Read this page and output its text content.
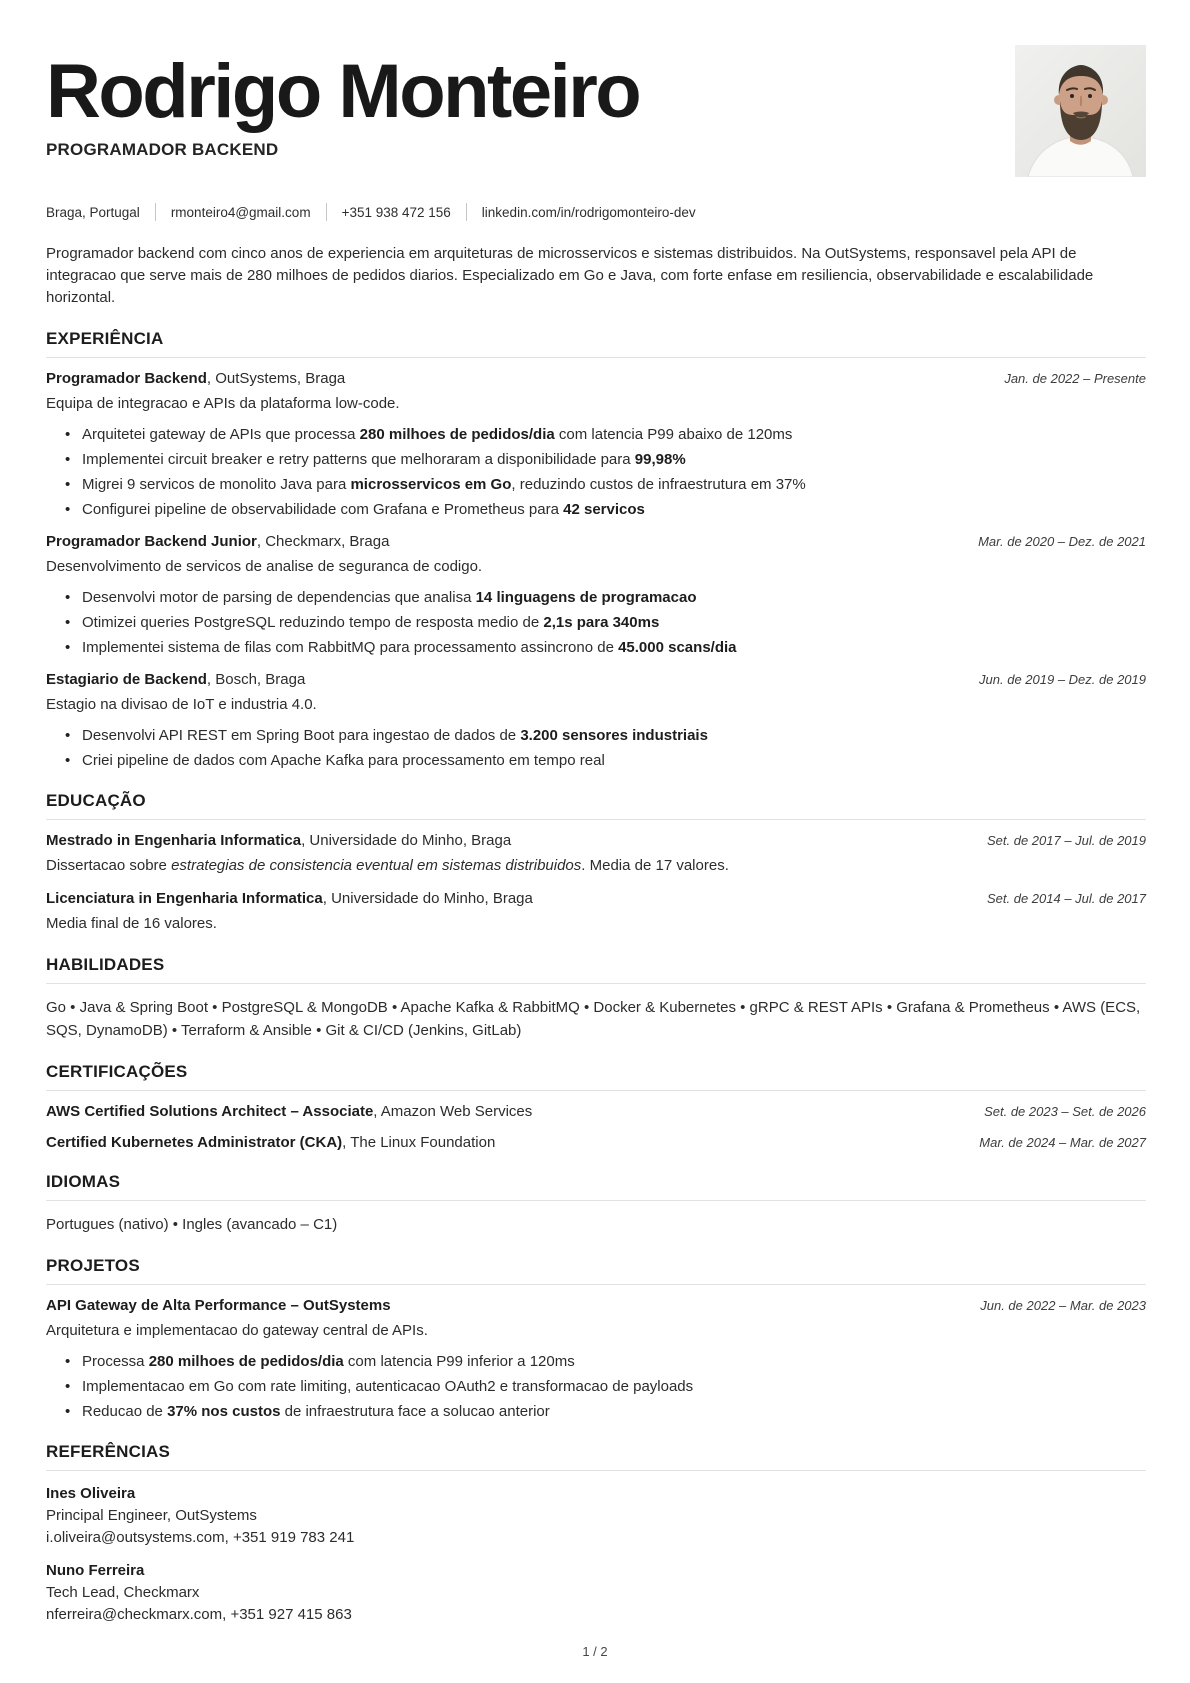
Rodrigo Monteiro
PROGRAMADOR BACKEND
Braga, Portugal rmonteiro4@gmail.com +351 938 472 156 linkedin.com/in/rodrigomonteiro-dev

Programador backend com cinco anos de experiencia em arquiteturas de microsservicos e sistemas distribuidos. Na OutSystems, responsavel pela API de integracao que serve mais de 280 milhoes de pedidos diarios. Especializado em Go e Java, com forte enfase em resiliencia, observabilidade e escalabilidade horizontal.

EXPERIÊNCIA
Programador Backend, OutSystems, Braga	Jan. de 2022 – Presente

Equipa de integracao e APIs da plataforma low-code.

• Arquitetei gateway de APIs que processa 280 milhoes de pedidos/dia com latencia P99 abaixo de 120ms
• Implementei circuit breaker e retry patterns que melhoraram a disponibilidade para 99,98%
• Migrei 9 servicos de monolito Java para microsservicos em Go, reduzindo custos de infraestrutura em 37%
• Configurei pipeline de observabilidade com Grafana e Prometheus para 42 servicos
Programador Backend Junior, Checkmarx, Braga	Mar. de 2020 – Dez. de 2021

Desenvolvimento de servicos de analise de seguranca de codigo.

• Desenvolvi motor de parsing de dependencias que analisa 14 linguagens de programacao
• Otimizei queries PostgreSQL reduzindo tempo de resposta medio de 2,1s para 340ms
• Implementei sistema de filas com RabbitMQ para processamento assincrono de 45.000 scans/dia
Estagiario de Backend, Bosch, Braga	Jun. de 2019 – Dez. de 2019

Estagio na divisao de IoT e industria 4.0.

• Desenvolvi API REST em Spring Boot para ingestao de dados de 3.200 sensores industriais
• Criei pipeline de dados com Apache Kafka para processamento em tempo real
EDUCAÇÃO
Mestrado in Engenharia Informatica, Universidade do Minho, Braga	Set. de 2017 – Jul. de 2019

Dissertacao sobre estrategias de consistencia eventual em sistemas distribuidos. Media de 17 valores.

Licenciatura in Engenharia Informatica, Universidade do Minho, Braga	Set. de 2014 – Jul. de 2017

Media final de 16 valores.

HABILIDADES

Go • Java & Spring Boot • PostgreSQL & MongoDB • Apache Kafka & RabbitMQ • Docker & Kubernetes • gRPC & REST APIs • Grafana & Prometheus • AWS (ECS, SQS, DynamoDB) • Terraform & Ansible • Git & CI/CD (Jenkins, GitLab)

CERTIFICAÇÕES
AWS Certified Solutions Architect – Associate, Amazon Web Services	Set. de 2023 – Set. de 2026
Certified Kubernetes Administrator (CKA), The Linux Foundation	Mar. de 2024 – Mar. de 2027
IDIOMAS

Portugues (nativo) • Ingles (avancado – C1)

PROJETOS
API Gateway de Alta Performance – OutSystems	Jun. de 2022 – Mar. de 2023

Arquitetura e implementacao do gateway central de APIs.

• Processa 280 milhoes de pedidos/dia com latencia P99 inferior a 120ms
• Implementacao em Go com rate limiting, autenticacao OAuth2 e transformacao de payloads
• Reducao de 37% nos custos de infraestrutura face a solucao anterior
REFERÊNCIAS
Ines Oliveira
Principal Engineer, OutSystems
i.oliveira@outsystems.com, +351 919 783 241
Nuno Ferreira
Tech Lead, Checkmarx
nferreira@checkmarx.com, +351 927 415 863
1 / 2
